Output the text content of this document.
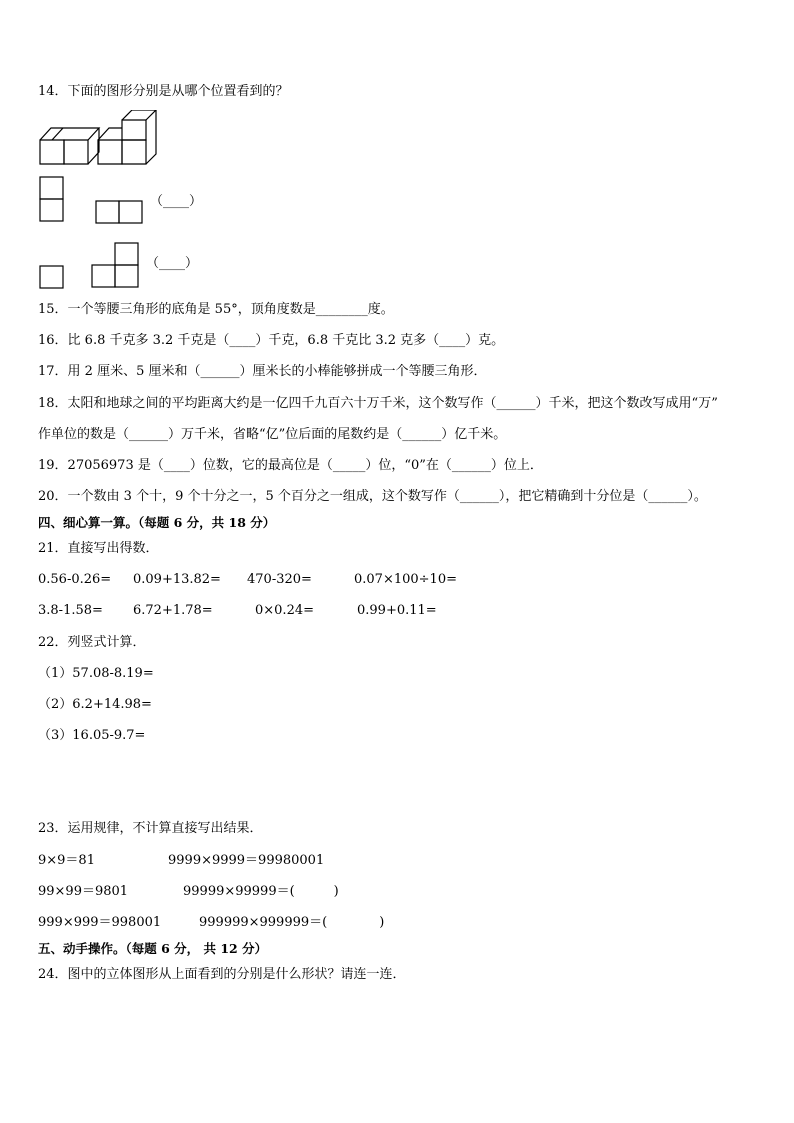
14．下面的图形分别是从哪个位置看到的？
（____）
（____）
15．一个等腰三角形的底角是 55°，顶角度数是________度。
16．比 6.8 千克多 3.2 千克是（____）千克，6.8 千克比 3.2 克多（____）克。
17．用 2 厘米、5 厘米和（______）厘米长的小棒能够拼成一个等腰三角形．
18．太阳和地球之间的平均距离大约是一亿四千九百六十万千米，这个数写作（______）千米，把这个数改写成用“万”
作单位的数是（______）万千米，省略“亿”位后面的尾数约是（______）亿千米。
19．27056973 是（____）位数，它的最高位是（_____）位，“0”在（______）位上．
20．一个数由 3 个十，9 个十分之一，5 个百分之一组成，这个数写作（______），把它精确到十分位是（______）。
四、细心算一算。（每题 6 分，共 18 分）
21．直接写出得数．
0.56-0.26= 0.09+13.82= 470-320=	0.07×100÷10=
3.8-1.58= 6.72+1.78=	0×0.24=	0.99+0.11=
22．列竖式计算．
（1）57.08-8.19=
（2）6.2+14.98=
（3）16.05-9.7=
23．运用规律，不计算直接写出结果．
9×9＝81	9999×9999＝99980001
99×99＝9801	99999×99999＝(　　　)
999×999＝998001	999999×999999＝(　　　　)
五、动手操作。（每题 6 分， 共 12 分）
24．图中的立体图形从上面看到的分别是什么形状？请连一连．
